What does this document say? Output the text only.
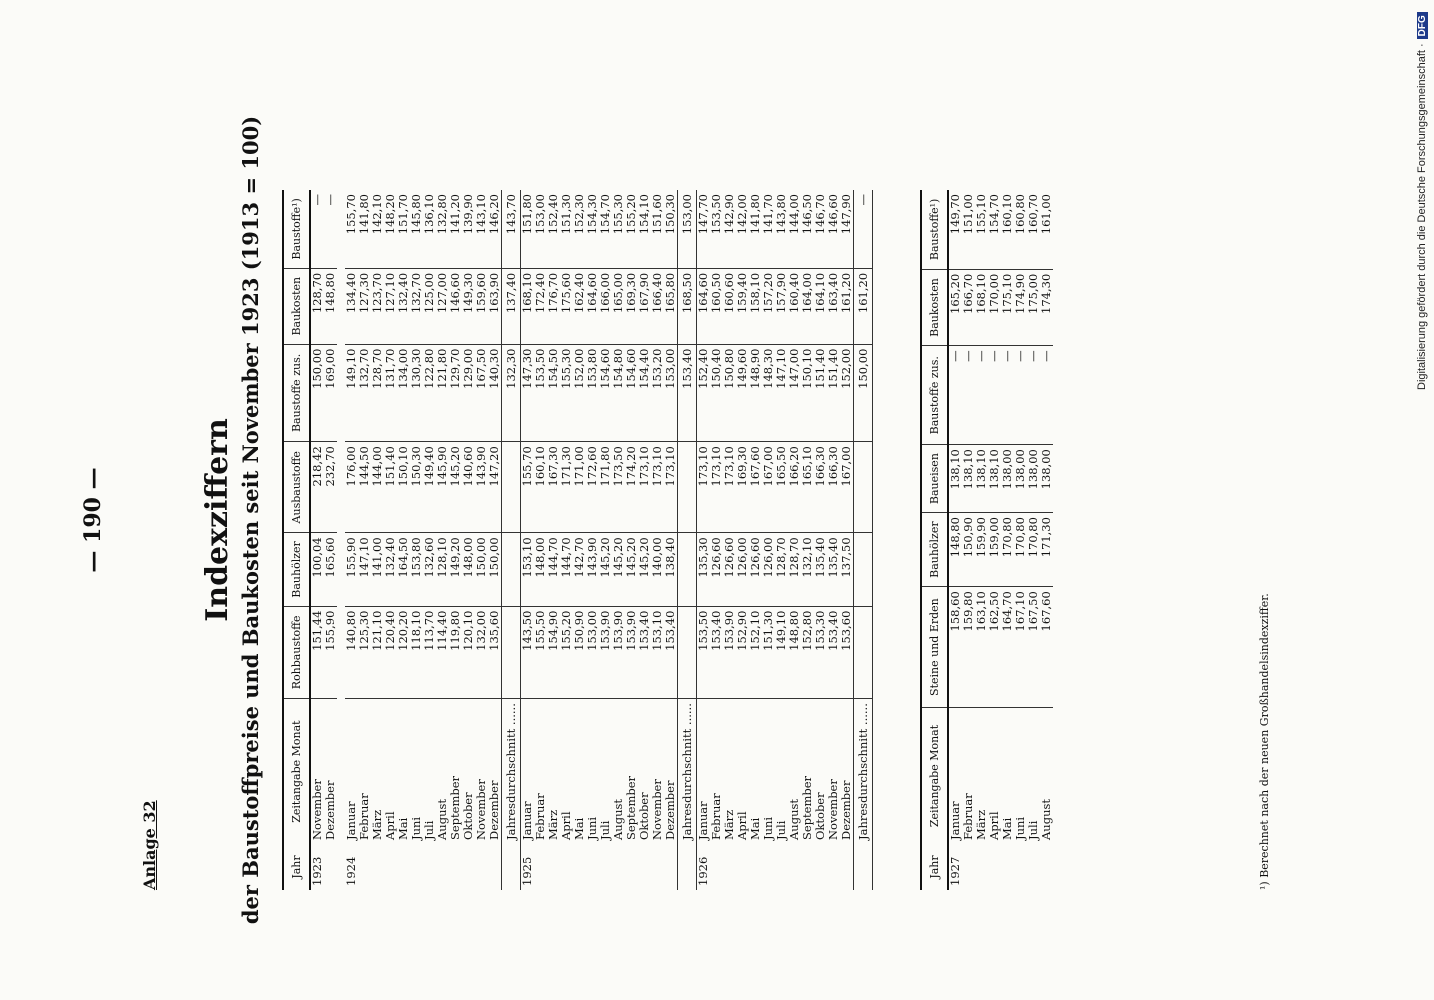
— 190 —
Anlage 32
Indexziffern der Baustoffpreise und Baukosten seit November 1923 (1913 = 100) Jahr	Zeitangabe Monat	Rohbaustoffe	Bauhölzer	Ausbaustoffe	Baustoffe zus.	Baukosten	Baustoffe¹)
1923	November	151,44	100,04	218,42	150,00	128,70	—
	Dezember	155,90	165,60	232,70	169,00	148,80	—

1924	Januar	140,80	155,90	176,00	149,10	134,40	155,70
	Februar	125,30	147,10	144,50	132,70	127,30	141,80
	März	121,10	141,00	144,00	128,70	123,70	142,10
	April	120,40	132,40	151,40	131,70	127,10	148,20
	Mai	120,20	164,50	150,10	134,00	132,40	151,70
	Juni	118,10	153,80	150,30	130,30	132,70	145,80
	Juli	113,70	132,60	149,40	122,80	125,00	136,10
	August	114,40	128,10	145,90	121,80	127,00	132,80
	September	119,80	149,20	145,20	129,70	146,60	141,20
	Oktober	120,10	148,00	140,60	129,00	149,30	139,90
	November	132,00	150,00	143,90	167,50	159,60	143,10
	Dezember	135,60	150,00	147,20	140,30	163,90	146,20
	Jahresdurchschnitt ......				132,30	137,40	143,70
1925	Januar	143,50	153,10	155,70	147,30	168,10	151,80
	Februar	155,50	148,00	160,10	153,50	172,40	153,00
	März	154,90	144,70	167,30	154,50	176,70	152,40
	April	155,20	144,70	171,30	155,30	175,60	151,30
	Mai	150,90	142,70	171,00	152,00	162,40	152,30
	Juni	153,00	143,90	172,60	153,80	164,60	154,30
	Juli	153,90	145,20	171,80	154,60	166,00	154,70
	August	153,90	145,20	173,50	154,80	165,00	155,30
	September	153,90	145,20	174,20	154,60	169,30	155,20
	Oktober	153,40	145,20	173,10	154,40	167,90	154,10
	November	153,10	140,00	173,10	153,20	166,40	151,60
	Dezember	153,40	138,40	173,10	153,00	165,80	150,30
	Jahresdurchschnitt ......				153,40	168,50	153,00
1926	Januar	153,50	135,30	173,10	152,40	164,60	147,70
	Februar	153,40	126,60	173,10	150,40	160,50	153,50
	März	153,90	126,60	173,10	150,80	160,60	142,90
	April	152,90	126,00	169,30	149,60	159,40	142,00
	Mai	152,10	126,60	167,60	148,90	158,10	141,80
	Juni	151,30	126,00	167,00	148,30	157,20	141,70
	Juli	149,10	128,70	165,50	147,10	157,90	143,80
	August	148,80	128,70	166,20	147,00	160,40	144,00
	September	152,80	132,10	165,10	150,10	164,00	146,50
	Oktober	153,30	135,40	166,30	151,40	164,10	146,70
	November	153,40	135,40	166,30	151,40	163,40	146,60
	Dezember	153,60	137,50	167,00	152,00	161,20	147,90
	Jahresdurchschnitt ......				150,00	161,20	—
Jahr	Zeitangabe Monat	Steine und Erden	Bauhölzer	Baueisen	Baustoffe zus.	Baukosten	Baustoffe¹)
1927	Januar	158,60	148,80	138,10	—	165,20	149,70
	Februar	159,80	150,90	138,10	—	166,70	151,00
	März	163,10	159,90	138,10	—	168,10	155,10
	April	162,50	159,00	138,10	—	170,00	154,70
	Mai	164,70	170,80	138,00	—	175,10	160,10
	Juni	167,10	170,80	138,00	—	174,90	160,80
	Juli	167,50	170,80	138,00	—	175,00	160,70
	August	167,60	171,30	138,00	—	174,30	161,00
¹) Berechnet nach der neuen Großhandelsindexziffer.
Digitalisierung gefördert durch die Deutsche Forschungsgemeinschaft ·DFG
